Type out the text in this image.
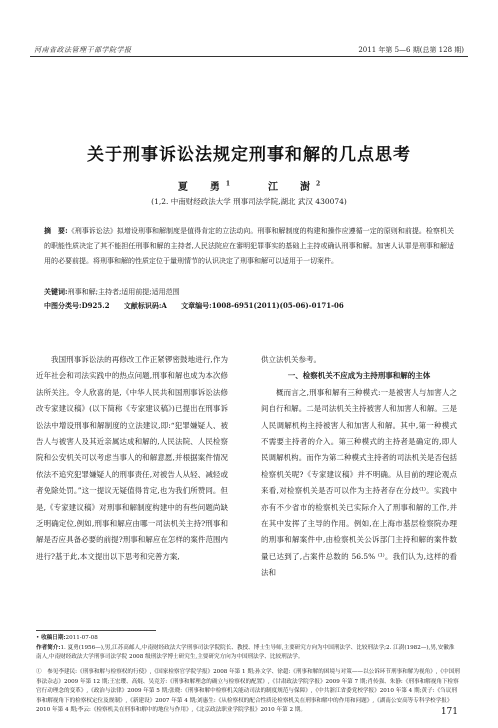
河南省政法管理干部学院学报	2011 年第 5—6 期(总第 128 期)
关于刑事诉讼法规定刑事和解的几点思考
夏　勇$^1$	江　澍$^2$
(1,2. 中南财经政法大学 刑事司法学院,湖北 武汉 430074)
摘　要:《刑事诉讼法》拟增设刑事和解制度是值得肯定的立法动向。刑事和解制度的构建和操作应遵循一定的原则和前提。检察机关的职能性质决定了其不能担任刑事和解的主持者,人民法院应在審明犯罪事实的基础上主持或确认刑事和解。加害人认罪是刑事和解适用的必要前提。将刑事和解的性质定位于量刑情节的认识决定了刑事和解可以适用于一切案件。
关键词:刑事和解;主持者;适用前提;适用范围
中图分类号:D925.2 文献标识码:A 文章编号:1008-6951(2011)(05-06)-0171-06

我国刑事诉讼法的再修改工作正紧锣密鼓地进行,作为近年社会和司法实践中的热点问题,刑事和解也成为本次修法所关注。令人欣喜的是,《中华人民共和国刑事诉讼法修改专家建议稿》(以下简称《专家建议稿》)已提出在刑事诉讼法中增设刑事和解制度的立法建议,即:“犯罪嫌疑人、被告人与被害人及其近亲属达成和解的,人民法院、人民检察院和公安机关可以考虑当事人的和解意愿,并根据案件情况依法不追究犯罪嫌疑人的刑事责任,对被告人从轻、减轻或者免除处罚。”这一提议无疑值得肯定,也为我们所赞同。但是,《专家建议稿》对刑事和解制度构建中的有些问题尚缺乏明确定位,例如,刑事和解应由哪一司法机关主持?刑事和解是否应具备必要的前提?刑事和解应在怎样的案件范围内进行?基于此,本文提出以下思考和完善方案,

供立法机关参考。

一、检察机关不应成为主持刑事和解的主体

概而言之,刑事和解有三种模式:一是被害人与加害人之间自行和解。二是司法机关主持被害人和加害人和解。三是人民调解机构主持被害人和加害人和解。其中,第一种模式不需要主持者的介入。第三种模式的主持者是确定的,即人民调解机构。而作为第二种模式主持者的司法机关是否包括检察机关呢?《专家建议稿》并不明确。从目前的理论观点来看,对检察机关是否可以作为主持者存在分歧⁽¹⁾。实践中亦有不少省市的检察机关已实际介入了刑事和解的工作,并在其中发挥了主导的作用。例如,在上海市基层检察院办理的刑事和解案件中,由检察机关公诉部门主持和解的案件数量已达到了,占案件总数的 56.5% ⁽¹⁾。我们认为,这样的看法和

• 收稿日期:2011-07-08
作者简介:1. 夏勇(1956—),男,江苏高邮人,中南财经政法大学刑事司法学院院长、教授、博士生导师,主要研究方向为中国刑法学、比较刑法学;2. 江澍(1982—),男,安徽淮南人,中南财经政法大学刑事司法学院 2008 级刑法学博士研究生,主要研究方向为中国刑法学、比较刑法学。
①　参见李建民:《刑事和解与检察权的行使》,《国家检察官学院学报》2008 年第 1 期;孙文学、徐超:《刑事和解的困境与对策——以公诉环节刑事和解为视角》,《中国刑事法杂志》2009 年第 12 期;王宏璎、高焜、吴竞芳:《刑事和解理念的确立与检察权的配置》,《甘肃政法学院学报》2009 年第 7 期;肖传强、朱静:《刑事和解视角下检察官行动理念的变革》,《政治与法律》2009 年第 5 期;张晓:《刑事和解中检察机关能动司法的制度规范与保障》,《中共浙江省委党校学报》2010 年第 4 期;黄子:《刍议刑事和解视角下的检察权定位及规制》,《新建设》2007 年第 4 期;刘惠生:《从检察权的配合性质论检察机关在刑事和解中的作用和问题》,《湖南公安高等专科学校学报》2010 年第 4 期;李云:《检察机关在刑事和解中的地位与作用》,《北京政法职业学院学报》2010 年第 2 期。	171
